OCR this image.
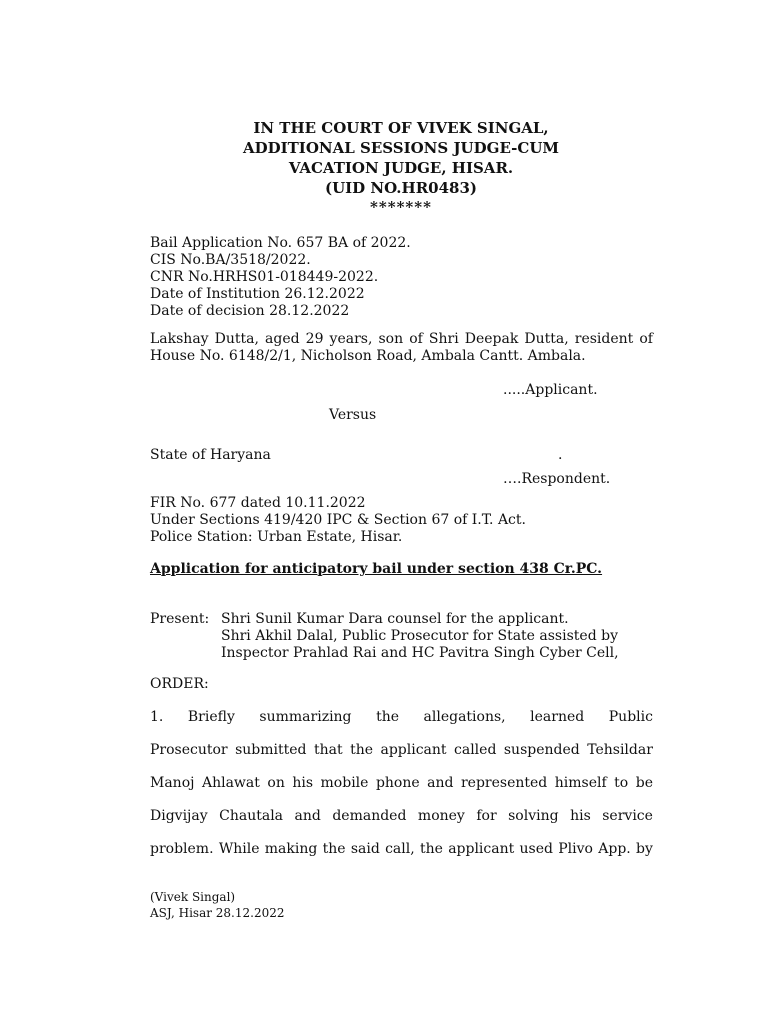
IN THE COURT OF VIVEK SINGAL,
ADDITIONAL SESSIONS JUDGE-CUM
VACATION JUDGE, HISAR.
(UID NO.HR0483)
*******
Bail Application No. 657 BA of 2022.
CIS No.BA/3518/2022.
CNR No.HRHS01-018449-2022.
Date of Institution 26.12.2022
Date of decision 28.12.2022
Lakshay Dutta, aged 29 years, son of Shri Deepak Dutta, resident of
House No. 6148/2/1, Nicholson Road, Ambala Cantt. Ambala.
.....Applicant.
Versus
State of Haryana	.
….Respondent.
FIR No. 677 dated 10.11.2022
Under Sections 419/420 IPC & Section 67 of I.T. Act.
Police Station: Urban Estate, Hisar.
Application for anticipatory bail under section 438 Cr.PC.
Present: Shri Sunil Kumar Dara counsel for the applicant.
Shri Akhil Dalal, Public Prosecutor for State assisted by
Inspector Prahlad Rai and HC Pavitra Singh Cyber Cell,
ORDER:
1. Briefly summarizing the allegations, learned Public
Prosecutor submitted that the applicant called suspended Tehsildar
Manoj Ahlawat on his mobile phone and represented himself to be
Digvijay Chautala and demanded money for solving his service
problem. While making the said call, the applicant used Plivo App. by
(Vivek Singal)
ASJ, Hisar 28.12.2022
